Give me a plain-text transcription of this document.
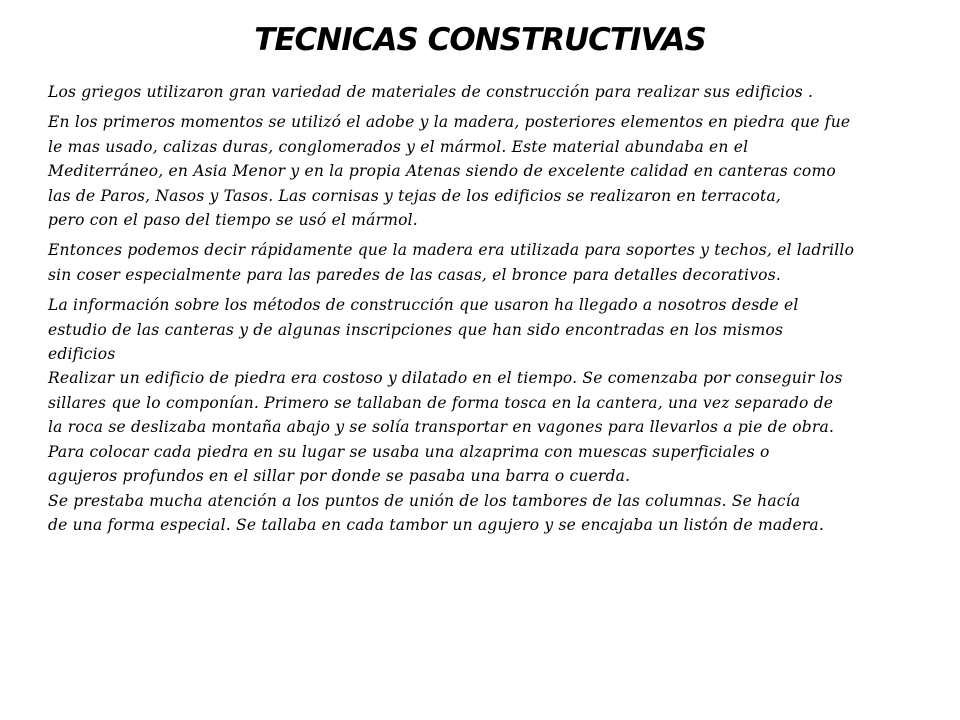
TECNICAS CONSTRUCTIVAS

Los griegos utilizaron gran variedad de materiales de construcción para realizar sus edificios .

En los primeros momentos se utilizó el adobe y la madera, posteriores elementos en piedra que fue
le mas usado, calizas duras, conglomerados y el mármol. Este material abundaba en el
Mediterráneo, en Asia Menor y en la propia Atenas siendo de excelente calidad en canteras como
las de Paros, Nasos y Tasos. Las cornisas y tejas de los edificios se realizaron en terracota,
pero con el paso del tiempo se usó el mármol.

Entonces podemos decir rápidamente que la madera era utilizada para soportes y techos, el ladrillo
sin coser especialmente para las paredes de las casas, el bronce para detalles decorativos.

La información sobre los métodos de construcción que usaron ha llegado a nosotros desde el
estudio de las canteras y de algunas inscripciones que han sido encontradas en los mismos
edificios

Realizar un edificio de piedra era costoso y dilatado en el tiempo. Se comenzaba por conseguir los
sillares que lo componían. Primero se tallaban de forma tosca en la cantera, una vez separado de
la roca se deslizaba montaña abajo y se solía transportar en vagones para llevarlos a pie de obra.
Para colocar cada piedra en su lugar se usaba una alzaprima con muescas superficiales o
agujeros profundos en el sillar por donde se pasaba una barra o cuerda.
Se prestaba mucha atención a los puntos de unión de los tambores de las columnas. Se hacía
de una forma especial. Se tallaba en cada tambor un agujero y se encajaba un listón de madera.
